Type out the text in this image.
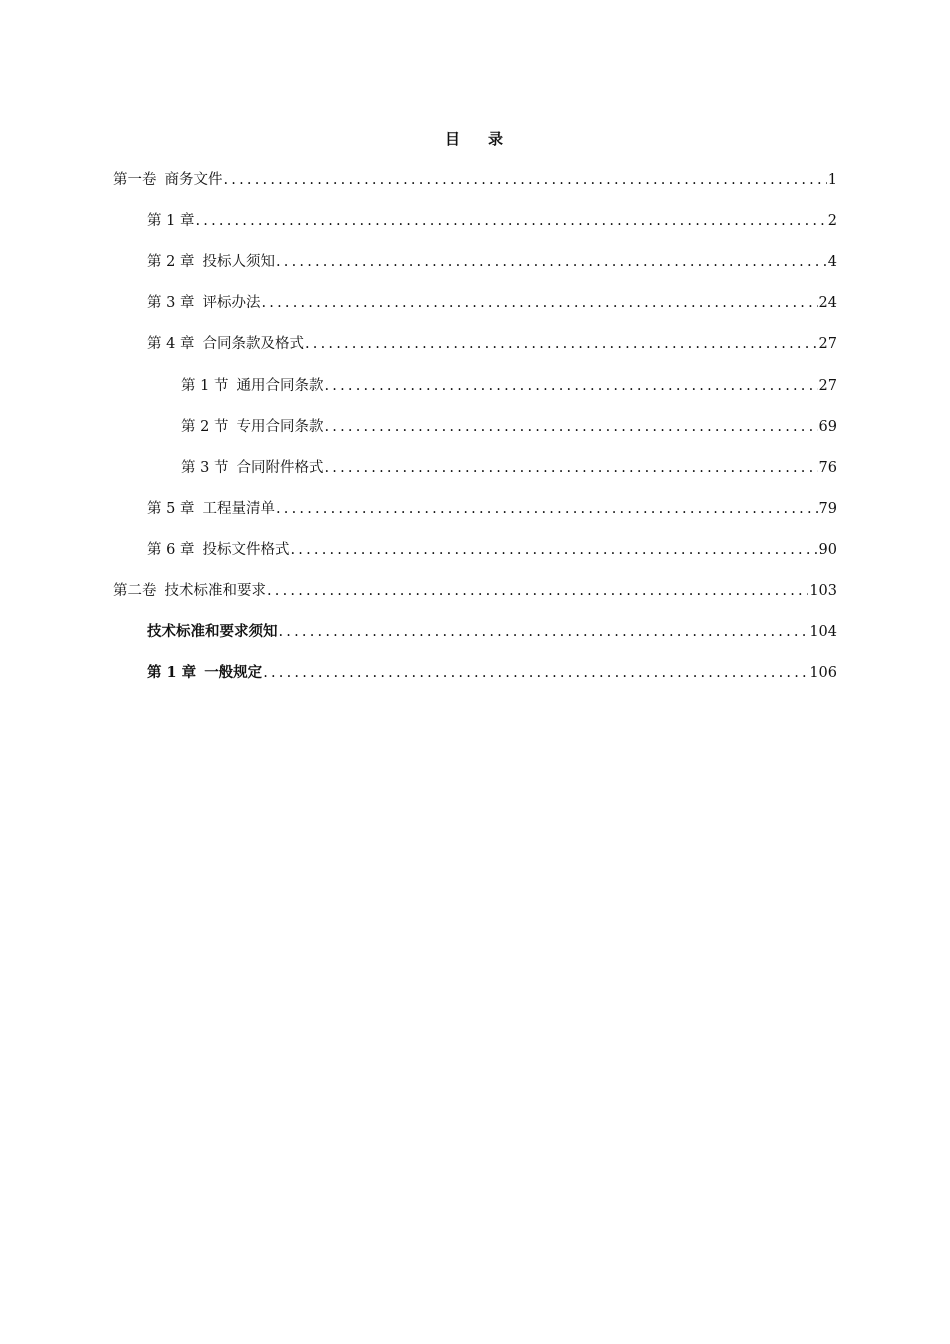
目 录
第一卷 商务文件 .....	1
第 1 章 .....	2
第 2 章 投标人须知 .....	4
第 3 章 评标办法 .....	24
第 4 章 合同条款及格式 .....	27
第 1 节 通用合同条款 .....	27
第 2 节 专用合同条款 .....	69
第 3 节 合同附件格式 .....	76
第 5 章 工程量清单 .....	79
第 6 章 投标文件格式 .....	90
第二卷 技术标准和要求 .....	103
技术标准和要求须知 .....	104
第 1 章 一般规定 .....	106
